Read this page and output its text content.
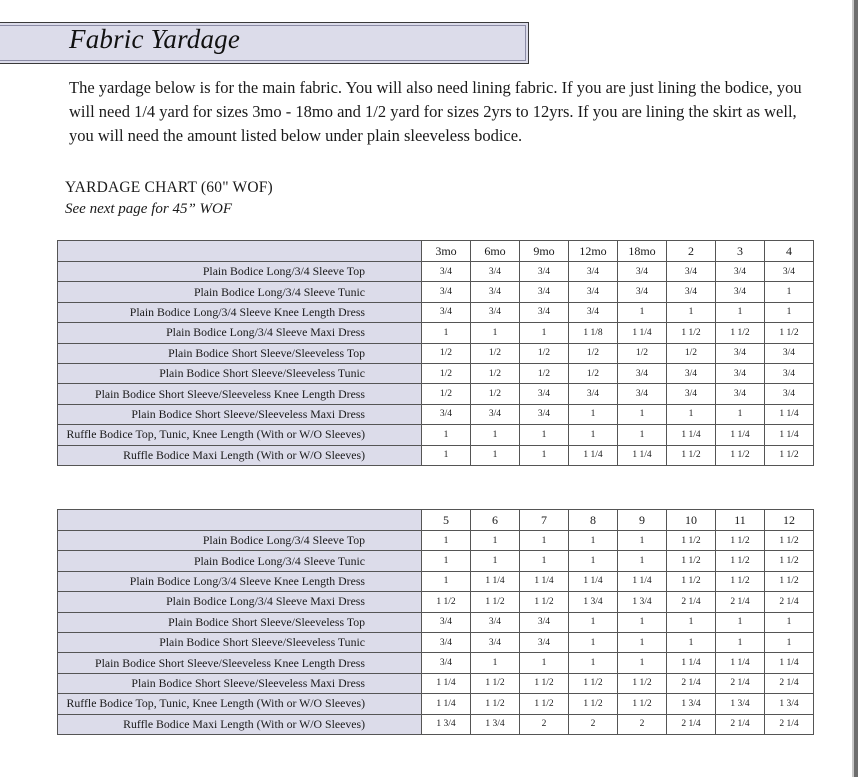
Fabric Yardage

The yardage below is for the main fabric. You will also need lining fabric. If you are just lining the bodice, you will need 1/4 yard for sizes 3mo - 18mo and 1/2 yard for sizes 2yrs to 12yrs. If you are lining the skirt as well, you will need the amount listed below under plain sleeveless bodice.

YARDAGE CHART (60" WOF)

See next page for 45” WOF

	3mo	6mo	9mo	12mo	18mo	2	3	4
Plain Bodice Long/3/4 Sleeve Top	3/4	3/4	3/4	3/4	3/4	3/4	3/4	3/4
Plain Bodice Long/3/4 Sleeve Tunic	3/4	3/4	3/4	3/4	3/4	3/4	3/4	1
Plain Bodice Long/3/4 Sleeve Knee Length Dress	3/4	3/4	3/4	3/4	1	1	1	1
Plain Bodice Long/3/4 Sleeve Maxi Dress	1	1	1	1 1/8	1 1/4	1 1/2	1 1/2	1 1/2
Plain Bodice Short Sleeve/Sleeveless Top	1/2	1/2	1/2	1/2	1/2	1/2	3/4	3/4
Plain Bodice Short Sleeve/Sleeveless Tunic	1/2	1/2	1/2	1/2	3/4	3/4	3/4	3/4
Plain Bodice Short Sleeve/Sleeveless Knee Length Dress	1/2	1/2	3/4	3/4	3/4	3/4	3/4	3/4
Plain Bodice Short Sleeve/Sleeveless Maxi Dress	3/4	3/4	3/4	1	1	1	1	1 1/4
Ruffle Bodice Top, Tunic, Knee Length (With or W/O Sleeves)	1	1	1	1	1	1 1/4	1 1/4	1 1/4
Ruffle Bodice Maxi Length (With or W/O Sleeves)	1	1	1	1 1/4	1 1/4	1 1/2	1 1/2	1 1/2
	5	6	7	8	9	10	11	12
Plain Bodice Long/3/4 Sleeve Top	1	1	1	1	1	1 1/2	1 1/2	1 1/2
Plain Bodice Long/3/4 Sleeve Tunic	1	1	1	1	1	1 1/2	1 1/2	1 1/2
Plain Bodice Long/3/4 Sleeve Knee Length Dress	1	1 1/4	1 1/4	1 1/4	1 1/4	1 1/2	1 1/2	1 1/2
Plain Bodice Long/3/4 Sleeve Maxi Dress	1 1/2	1 1/2	1 1/2	1 3/4	1 3/4	2 1/4	2 1/4	2 1/4
Plain Bodice Short Sleeve/Sleeveless Top	3/4	3/4	3/4	1	1	1	1	1
Plain Bodice Short Sleeve/Sleeveless Tunic	3/4	3/4	3/4	1	1	1	1	1
Plain Bodice Short Sleeve/Sleeveless Knee Length Dress	3/4	1	1	1	1	1 1/4	1 1/4	1 1/4
Plain Bodice Short Sleeve/Sleeveless Maxi Dress	1 1/4	1 1/2	1 1/2	1 1/2	1 1/2	2 1/4	2 1/4	2 1/4
Ruffle Bodice Top, Tunic, Knee Length (With or W/O Sleeves)	1 1/4	1 1/2	1 1/2	1 1/2	1 1/2	1 3/4	1 3/4	1 3/4
Ruffle Bodice Maxi Length (With or W/O Sleeves)	1 3/4	1 3/4	2	2	2	2 1/4	2 1/4	2 1/4
